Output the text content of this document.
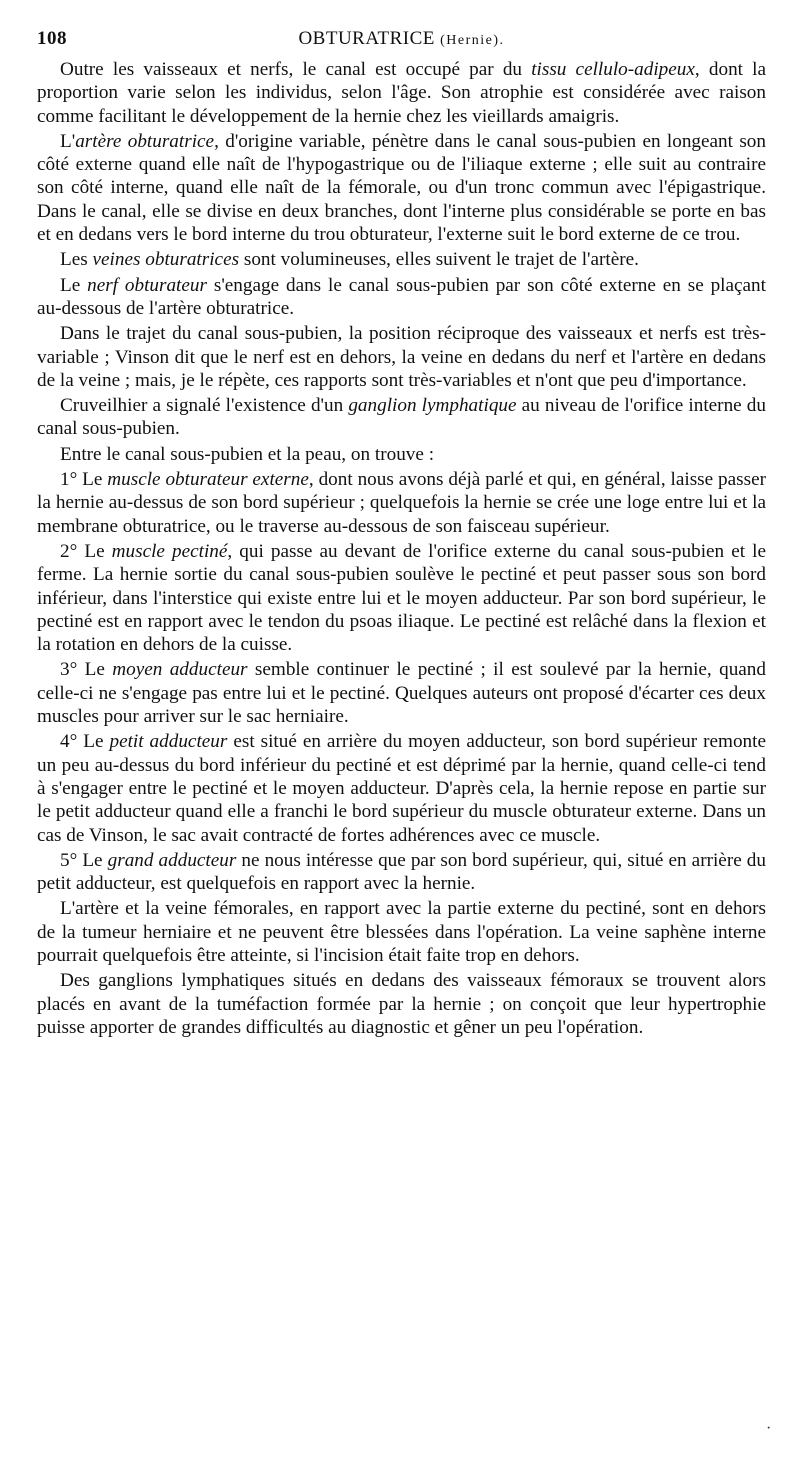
108	OBTURATRICE (Hernie).

Outre les vaisseaux et nerfs, le canal est occupé par du tissu cellulo-adipeux, dont la proportion varie selon les individus, selon l'âge. Son atrophie est considérée avec raison comme facilitant le développement de la hernie chez les vieillards amaigris.

L'artère obturatrice, d'origine variable, pénètre dans le canal sous-pubien en longeant son côté externe quand elle naît de l'hypogastrique ou de l'iliaque externe ; elle suit au contraire son côté interne, quand elle naît de la fémorale, ou d'un tronc commun avec l'épigastrique. Dans le canal, elle se divise en deux branches, dont l'interne plus considérable se porte en bas et en dedans vers le bord interne du trou obturateur, l'externe suit le bord externe de ce trou.

Les veines obturatrices sont volumineuses, elles suivent le trajet de l'artère.

Le nerf obturateur s'engage dans le canal sous-pubien par son côté externe en se plaçant au-dessous de l'artère obturatrice.

Dans le trajet du canal sous-pubien, la position réciproque des vaisseaux et nerfs est très-variable ; Vinson dit que le nerf est en dehors, la veine en dedans du nerf et l'artère en dedans de la veine ; mais, je le répète, ces rapports sont très-variables et n'ont que peu d'importance.

Cruveilhier a signalé l'existence d'un ganglion lymphatique au niveau de l'orifice interne du canal sous-pubien.

Entre le canal sous-pubien et la peau, on trouve :

1° Le muscle obturateur externe, dont nous avons déjà parlé et qui, en général, laisse passer la hernie au-dessus de son bord supérieur ; quelquefois la hernie se crée une loge entre lui et la membrane obturatrice, ou le traverse au-dessous de son faisceau supérieur.

2° Le muscle pectiné, qui passe au devant de l'orifice externe du canal sous-pubien et le ferme. La hernie sortie du canal sous-pubien soulève le pectiné et peut passer sous son bord inférieur, dans l'interstice qui existe entre lui et le moyen adducteur. Par son bord supérieur, le pectiné est en rapport avec le tendon du psoas iliaque. Le pectiné est relâché dans la flexion et la rotation en dehors de la cuisse.

3° Le moyen adducteur semble continuer le pectiné ; il est soulevé par la hernie, quand celle-ci ne s'engage pas entre lui et le pectiné. Quelques auteurs ont proposé d'écarter ces deux muscles pour arriver sur le sac herniaire.

4° Le petit adducteur est situé en arrière du moyen adducteur, son bord supérieur remonte un peu au-dessus du bord inférieur du pectiné et est déprimé par la hernie, quand celle-ci tend à s'engager entre le pectiné et le moyen adducteur. D'après cela, la hernie repose en partie sur le petit adducteur quand elle a franchi le bord supérieur du muscle obturateur externe. Dans un cas de Vinson, le sac avait contracté de fortes adhérences avec ce muscle.

5° Le grand adducteur ne nous intéresse que par son bord supérieur, qui, situé en arrière du petit adducteur, est quelquefois en rapport avec la hernie.

L'artère et la veine fémorales, en rapport avec la partie externe du pectiné, sont en dehors de la tumeur herniaire et ne peuvent être blessées dans l'opération. La veine saphène interne pourrait quelquefois être atteinte, si l'incision était faite trop en dehors.

Des ganglions lymphatiques situés en dedans des vaisseaux fémoraux se trouvent alors placés en avant de la tuméfaction formée par la hernie ; on conçoit que leur hypertrophie puisse apporter de grandes difficultés au diagnostic et gêner un peu l'opération.

·
